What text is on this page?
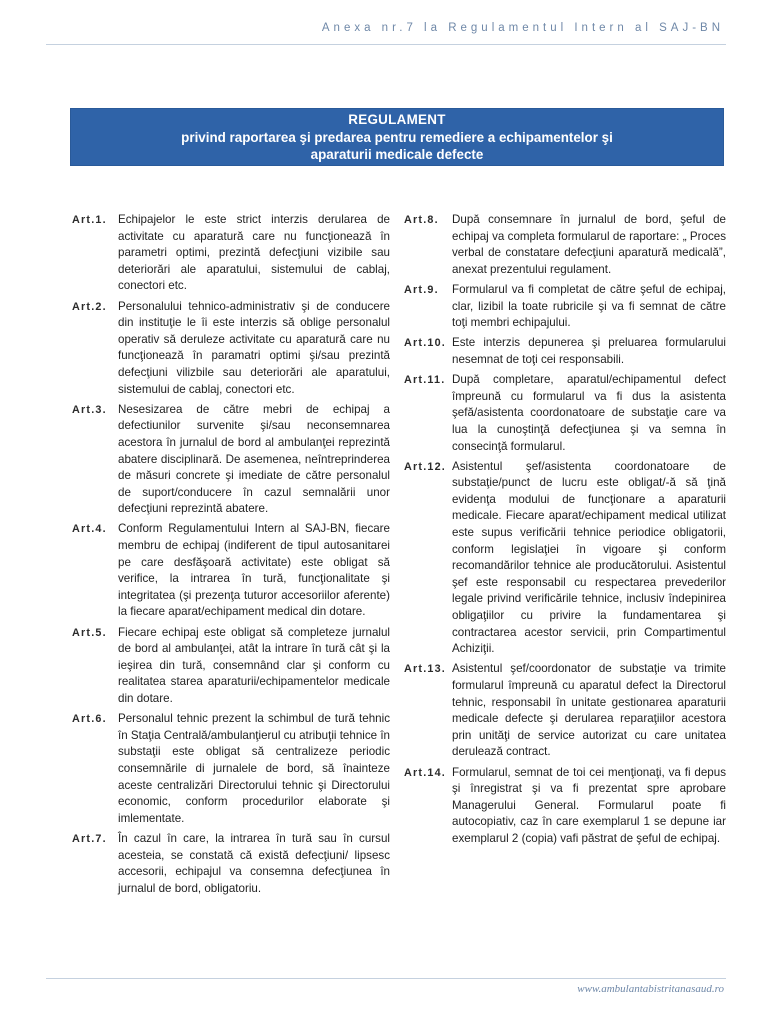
Anexa nr.7 la Regulamentul Intern al SAJ-BN
REGULAMENT
privind raportarea şi predarea pentru remediere a echipamentelor şi
aparaturii medicale defecte
Art.1. Echipajelor le este strict interzis derularea de activitate cu aparatură care nu funcţionează în parametri optimi, prezintă defecţiuni vizibile sau deteriorări ale aparatului, sistemului de cablaj, conectori etc.
Art.2. Personalului tehnico-administrativ şi de conducere din instituţie le îi este interzis să oblige personalul operativ să deruleze activitate cu aparatură care nu funcţionează în paramatri optimi şi/sau prezintă defecţiuni vilizbile sau deteriorări ale aparatului, sistemului de cablaj, conectori etc.
Art.3. Nesesizarea de către mebri de echipaj a defectiunilor survenite şi/sau neconsemnarea acestora în jurnalul de bord al ambulanţei reprezintă abatere disciplinară. De asemenea, neîntreprinderea de măsuri concrete şi imediate de către personalul de suport/conducere în cazul semnalării unor defecţiuni reprezintă abatere.
Art.4. Conform Regulamentului Intern al SAJ-BN, fiecare membru de echipaj (indiferent de tipul autosanitarei pe care desfăşoară activitate) este obligat să verifice, la intrarea în tură, funcţionalitate şi integritatea (şi prezenţa tuturor accesoriilor aferente) la fiecare aparat/echipament medical din dotare.
Art.5. Fiecare echipaj este obligat să completeze jurnalul de bord al ambulanţei, atât la intrare în tură cât şi la ieşirea din tură, consemnând clar şi conform cu realitatea starea aparaturii/echipamentelor medicale din dotare.
Art.6. Personalul tehnic prezent la schimbul de tură tehnic în Staţia Centrală/ambulanţierul cu atribuţii tehnice în substaţii este obligat să centralizeze periodic consemnările di jurnalele de bord, să înainteze aceste centralizări Directorului tehnic şi Directorului economic, conform procedurilor elaborate şi imlementate.
Art.7. În cazul în care, la intrarea în tură sau în cursul acesteia, se constată că există defecţiuni/ lipsesc accesorii, echipajul va consemna defecţiunea în jurnalul de bord, obligatoriu.
Art.8.	După consemnare în jurnalul de bord, şeful de echipaj va completa formularul de raportare: „ Proces verbal de constatare defecţiuni aparatură medicală”, anexat prezentului regulament.
Art.9.	Formularul va fi completat de către şeful de echipaj, clar, lizibil la toate rubricile şi va fi semnat de către toţi membri echipajului.
Art.10. Este interzis depunerea şi preluarea formularului nesemnat de toţi cei responsabili.
Art.11. După completare, aparatul/echipamentul defect împreună cu formularul va fi dus la asistenta şefă/asistenta coordonatoare de substaţie care va lua la cunoştinţă defecţiunea şi va semna în consecinţă formularul.
Art.12. Asistentul şef/asistenta coordonatoare de substaţie/punct de lucru este obligat/-ă să ţină evidenţa modului de funcţionare a aparaturii medicale. Fiecare aparat/echipament medical utilizat este supus verificării tehnice periodice obligatorii, conform legislaţiei în vigoare şi conform recomandărilor tehnice ale producătorului. Asistentul şef este responsabil cu respectarea prevederilor legale privind verificările tehnice, inclusiv îndepinirea obligaţiilor cu privire la fundamentarea şi contractarea acestor servicii, prin Compartimentul Achiziţii.
Art.13. Asistentul şef/coordonator de substaţie va trimite formularul împreună cu aparatul defect la Directorul tehnic, responsabil în unitate gestionarea aparaturii medicale defecte şi derularea reparaţiilor acestora prin unităţi de service autorizat cu care unitatea derulează contract.
Art.14. Formularul, semnat de toi cei menţionaţi, va fi depus şi înregistrat şi va fi prezentat spre aprobare Managerului General. Formularul poate fi autocopiativ, caz în care exemplarul 1 se depune iar exemplarul 2 (copia) vafi păstrat de şeful de echipaj.
www.ambulantabistritanasaud.ro
